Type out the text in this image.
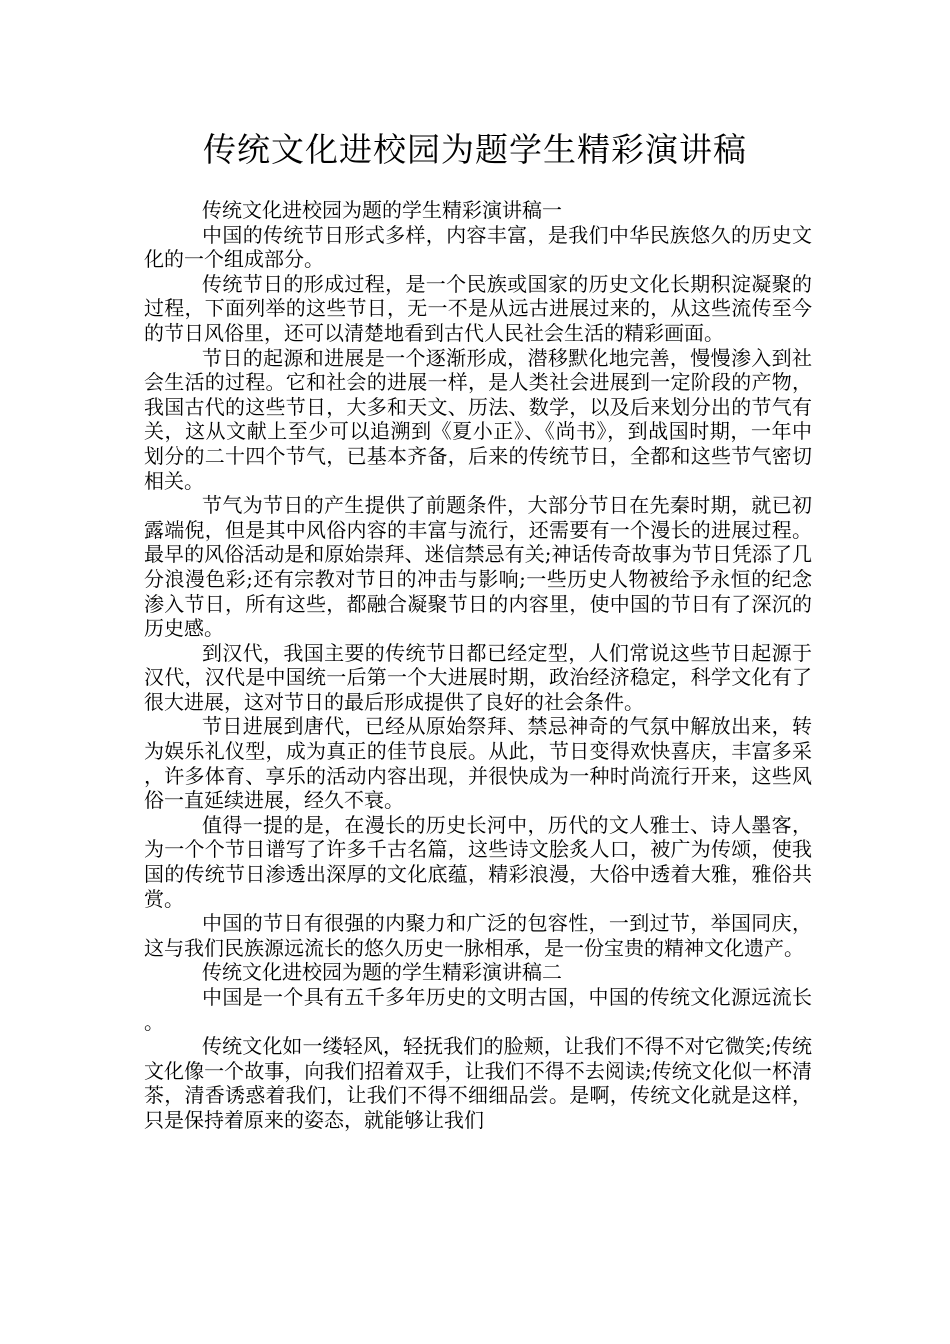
传统文化进校园为题学生精彩演讲稿

传统文化进校园为题的学生精彩演讲稿一

中国的传统节日形式多样，内容丰富，是我们中华民族悠久的历史文化的一个组成部分。

传统节日的形成过程，是一个民族或国家的历史文化长期积淀凝聚的过程，下面列举的这些节日，无一不是从远古进展过来的，从这些流传至今的节日风俗里，还可以清楚地看到古代人民社会生活的精彩画面。

节日的起源和进展是一个逐渐形成，潜移默化地完善，慢慢渗入到社会生活的过程。它和社会的进展一样，是人类社会进展到一定阶段的产物，我国古代的这些节日，大多和天文、历法、数学，以及后来划分出的节气有关，这从文献上至少可以追溯到《夏小正》、《尚书》，到战国时期，一年中划分的二十四个节气，已基本齐备，后来的传统节日，全都和这些节气密切相关。

节气为节日的产生提供了前题条件，大部分节日在先秦时期，就已初露端倪，但是其中风俗内容的丰富与流行，还需要有一个漫长的进展过程。最早的风俗活动是和原始崇拜、迷信禁忌有关;神话传奇故事为节日凭添了几分浪漫色彩;还有宗教对节日的冲击与影响;一些历史人物被给予永恒的纪念渗入节日，所有这些，都融合凝聚节日的内容里，使中国的节日有了深沉的历史感。

到汉代，我国主要的传统节日都已经定型，人们常说这些节日起源于汉代，汉代是中国统一后第一个大进展时期，政治经济稳定，科学文化有了很大进展，这对节日的最后形成提供了良好的社会条件。

节日进展到唐代，已经从原始祭拜、禁忌神奇的气氛中解放出来，转为娱乐礼仪型，成为真正的佳节良辰。从此，节日变得欢快喜庆，丰富多采，许多体育、享乐的活动内容出现，并很快成为一种时尚流行开来，这些风俗一直延续进展，经久不衰。

值得一提的是，在漫长的历史长河中，历代的文人雅士、诗人墨客，为一个个节日谱写了许多千古名篇，这些诗文脍炙人口，被广为传颂，使我国的传统节日渗透出深厚的文化底蕴，精彩浪漫，大俗中透着大雅，雅俗共赏。

中国的节日有很强的内聚力和广泛的包容性，一到过节，举国同庆，这与我们民族源远流长的悠久历史一脉相承，是一份宝贵的精神文化遗产。

传统文化进校园为题的学生精彩演讲稿二

中国是一个具有五千多年历史的文明古国，中国的传统文化源远流长。

传统文化如一缕轻风，轻抚我们的脸颊，让我们不得不对它微笑;传统文化像一个故事，向我们招着双手，让我们不得不去阅读;传统文化似一杯清茶，清香诱惑着我们，让我们不得不细细品尝。是啊，传统文化就是这样，只是保持着原来的姿态，就能够让我们
